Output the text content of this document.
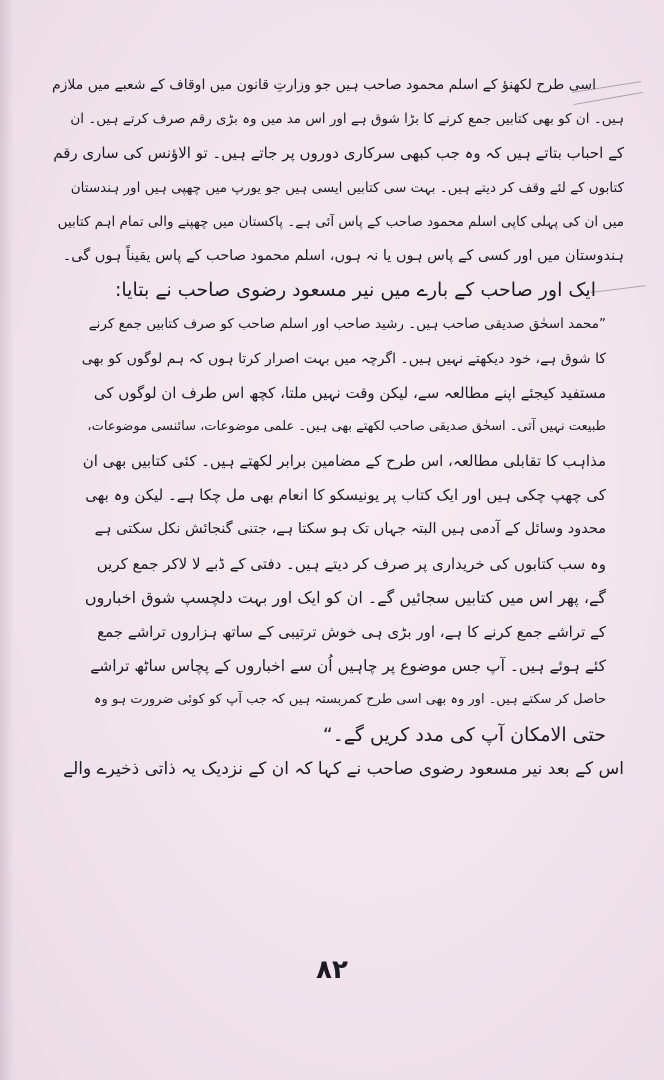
اسی طرح لکھنؤ کے اسلم محمود صاحب ہیں جو وزارتِ قانون میں اوقاف کے شعبے میں ملازم
ہیں۔ ان کو بھی کتابیں جمع کرنے کا بڑا شوق ہے اور اس مد میں وہ بڑی رقم صرف کرتے ہیں۔ ان
کے احباب بتاتے ہیں کہ وہ جب کبھی سرکاری دوروں پر جاتے ہیں۔ تو الاؤنس کی ساری رقم
کتابوں کے لئے وقف کر دیتے ہیں۔ بہت سی کتابیں ایسی ہیں جو یورپ میں چھپی ہیں اور ہندستان
میں ان کی پہلی کاپی اسلم محمود صاحب کے پاس آئی ہے۔ پاکستان میں چھپنے والی تمام اہم کتابیں
ہندوستان میں اور کسی کے پاس ہوں یا نہ ہوں، اسلم محمود صاحب کے پاس یقیناً ہوں گی۔
ایک اور صاحب کے بارے میں نیر مسعود رضوی صاحب نے بتایا:
”محمد اسحٰق صدیقی صاحب ہیں۔ رشید صاحب اور اسلم صاحب کو صرف کتابیں جمع کرنے
کا شوق ہے، خود دیکھتے نہیں ہیں۔ اگرچہ میں بہت اصرار کرتا ہوں کہ ہم لوگوں کو بھی
مستفید کیجئے اپنے مطالعہ سے، لیکن وقت نہیں ملتا، کچھ اس طرف ان لوگوں کی
طبیعت نہیں آتی۔ اسحٰق صدیقی صاحب لکھتے بھی ہیں۔ علمی موضوعات، سائنسی موضوعات،
مذاہب کا تقابلی مطالعہ، اس طرح کے مضامین برابر لکھتے ہیں۔ کئی کتابیں بھی ان
کی چھپ چکی ہیں اور ایک کتاب پر یونیسکو کا انعام بھی مل چکا ہے۔ لیکن وہ بھی
محدود وسائل کے آدمی ہیں البتہ جہاں تک ہو سکتا ہے، جتنی گنجائش نکل سکتی ہے
وہ سب کتابوں کی خریداری پر صرف کر دیتے ہیں۔ دفتی کے ڈبے لا لاکر جمع کریں
گے، پھر اس میں کتابیں سجائیں گے۔ ان کو ایک اور بہت دلچسپ شوق اخباروں
کے تراشے جمع کرنے کا ہے، اور بڑی ہی خوش ترتیبی کے ساتھ ہزاروں تراشے جمع
کئے ہوئے ہیں۔ آپ جس موضوع پر چاہیں اُن سے اخباروں کے پچاس ساٹھ تراشے
حاصل کر سکتے ہیں۔ اور وہ بھی اسی طرح کمربستہ ہیں کہ جب آپ کو کوئی ضرورت ہو وہ
حتی الامکان آپ کی مدد کریں گے۔“
اس کے بعد نیر مسعود رضوی صاحب نے کہا کہ ان کے نزدیک یہ ذاتی ذخیرے والے
۸۲
